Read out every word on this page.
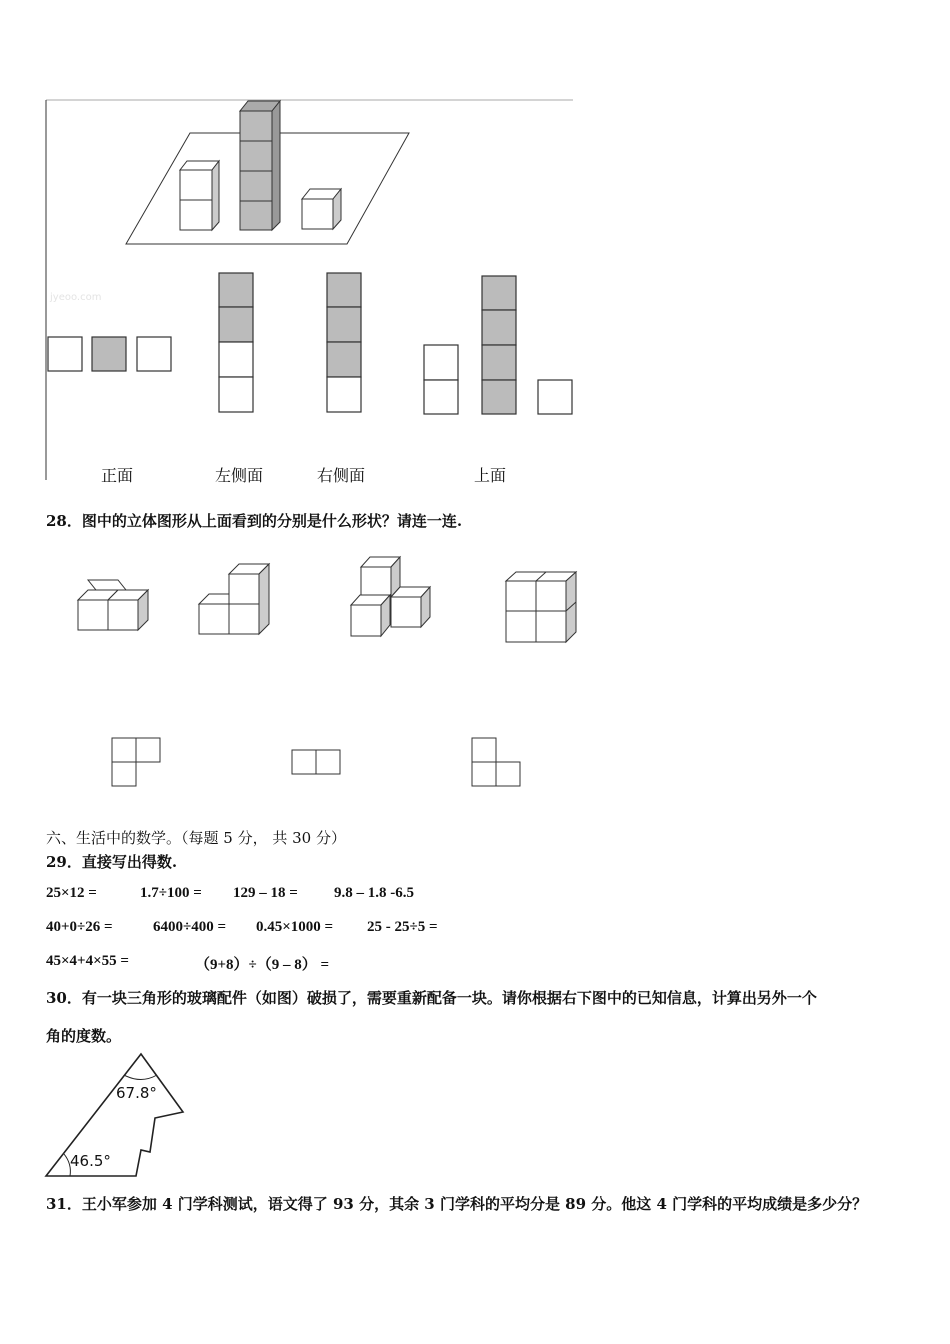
jyeoo.com
正面	左侧面	右侧面	上面
28．图中的立体图形从上面看到的分别是什么形状？请连一连.
六、生活中的数学。（每题 5 分， 共 30 分）
29．直接写出得数.
25×12 =	1.7÷100 = 129 – 18 = 9.8 – 1.8 -6.5
40+0÷26 =	6400÷400 = 0.45×1000 = 25 - 25÷5 =
45×4+4×55 =	（9+8）÷（9 – 8） =
30．有一块三角形的玻璃配件（如图）破损了，需要重新配备一块。请你根据右下图中的已知信息，计算出另外一个
角的度数。
67.8°
46.5°
31．王小军参加 4 门学科测试，语文得了 93 分，其余 3 门学科的平均分是 89 分。他这 4 门学科的平均成绩是多少分？
